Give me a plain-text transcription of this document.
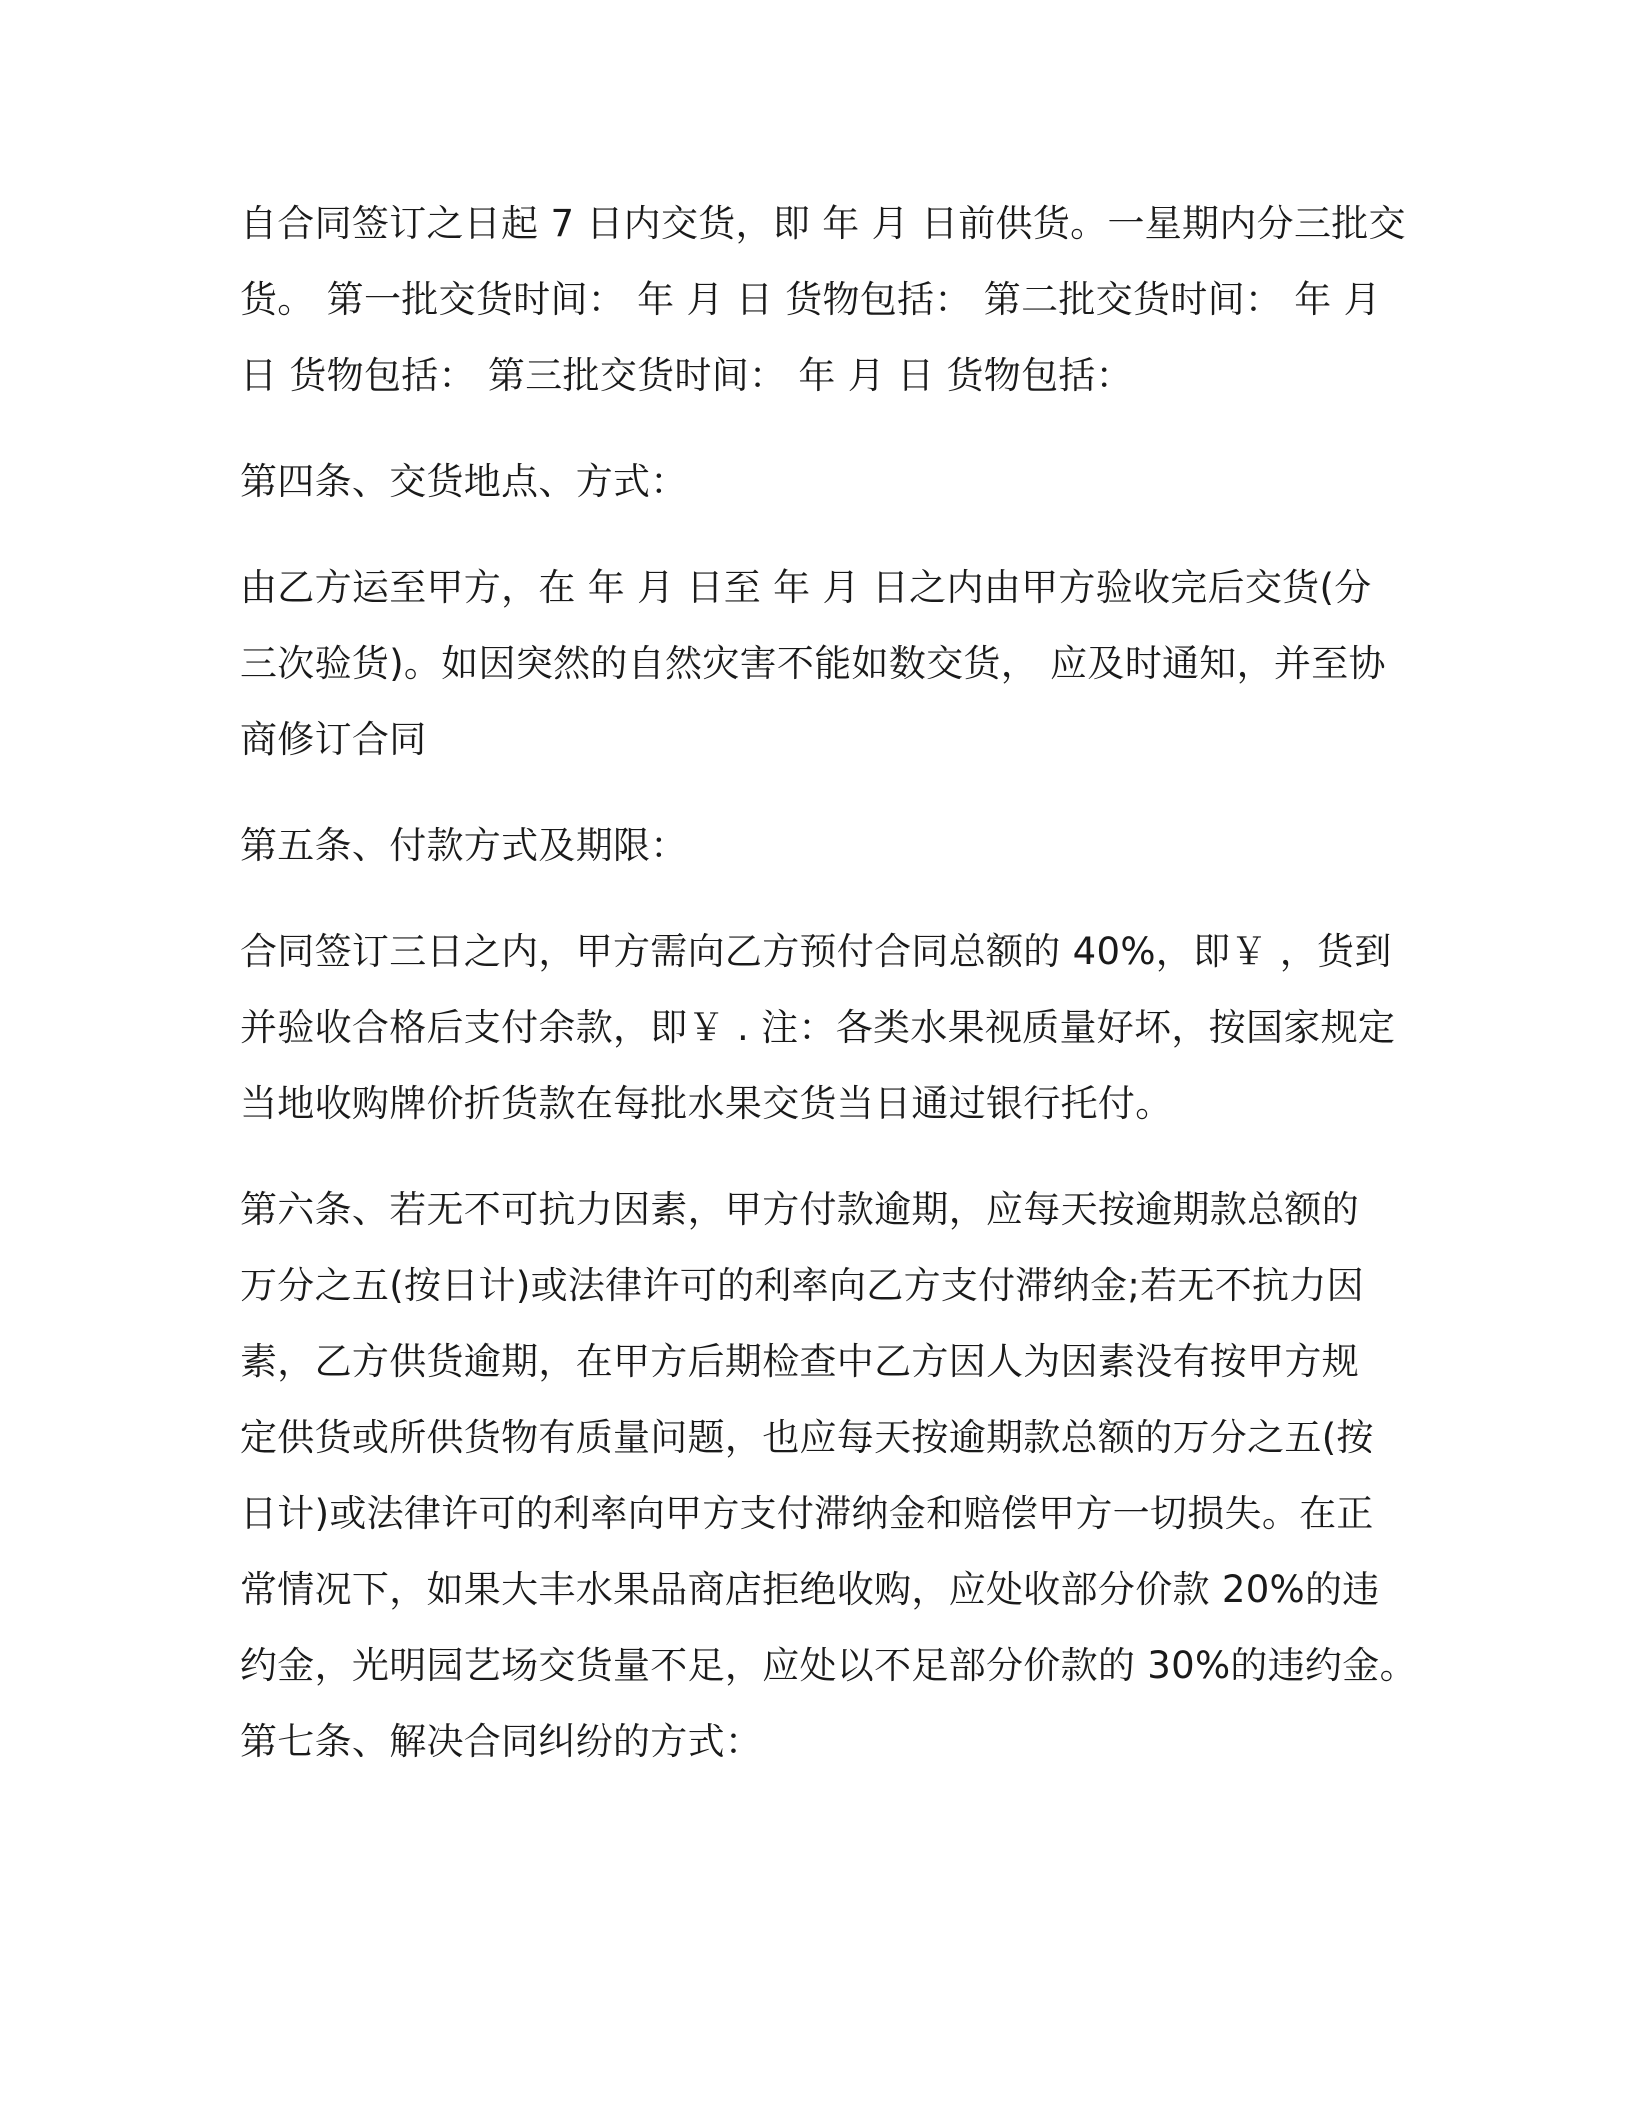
自合同签订之日起 7 日内交货，即 年 月 日前供货。一星期内分三批交
货。 第一批交货时间： 年 月 日 货物包括： 第二批交货时间： 年 月
日 货物包括： 第三批交货时间： 年 月 日 货物包括：
第四条、交货地点、方式：
由乙方运至甲方，在 年 月 日至 年 月 日之内由甲方验收完后交货(分
三次验货)。如因突然的自然灾害不能如数交货， 应及时通知，并至协
商修订合同
第五条、付款方式及期限：
合同签订三日之内，甲方需向乙方预付合同总额的 40%，即￥ ，货到
并验收合格后支付余款，即￥ . 注：各类水果视质量好坏，按国家规定
当地收购牌价折货款在每批水果交货当日通过银行托付。
第六条、若无不可抗力因素，甲方付款逾期，应每天按逾期款总额的
万分之五(按日计)或法律许可的利率向乙方支付滞纳金;若无不抗力因
素，乙方供货逾期，在甲方后期检查中乙方因人为因素没有按甲方规
定供货或所供货物有质量问题，也应每天按逾期款总额的万分之五(按
日计)或法律许可的利率向甲方支付滞纳金和赔偿甲方一切损失。在正
常情况下，如果大丰水果品商店拒绝收购，应处收部分价款 20%的违
约金，光明园艺场交货量不足，应处以不足部分价款的 30%的违约金。
第七条、解决合同纠纷的方式：
